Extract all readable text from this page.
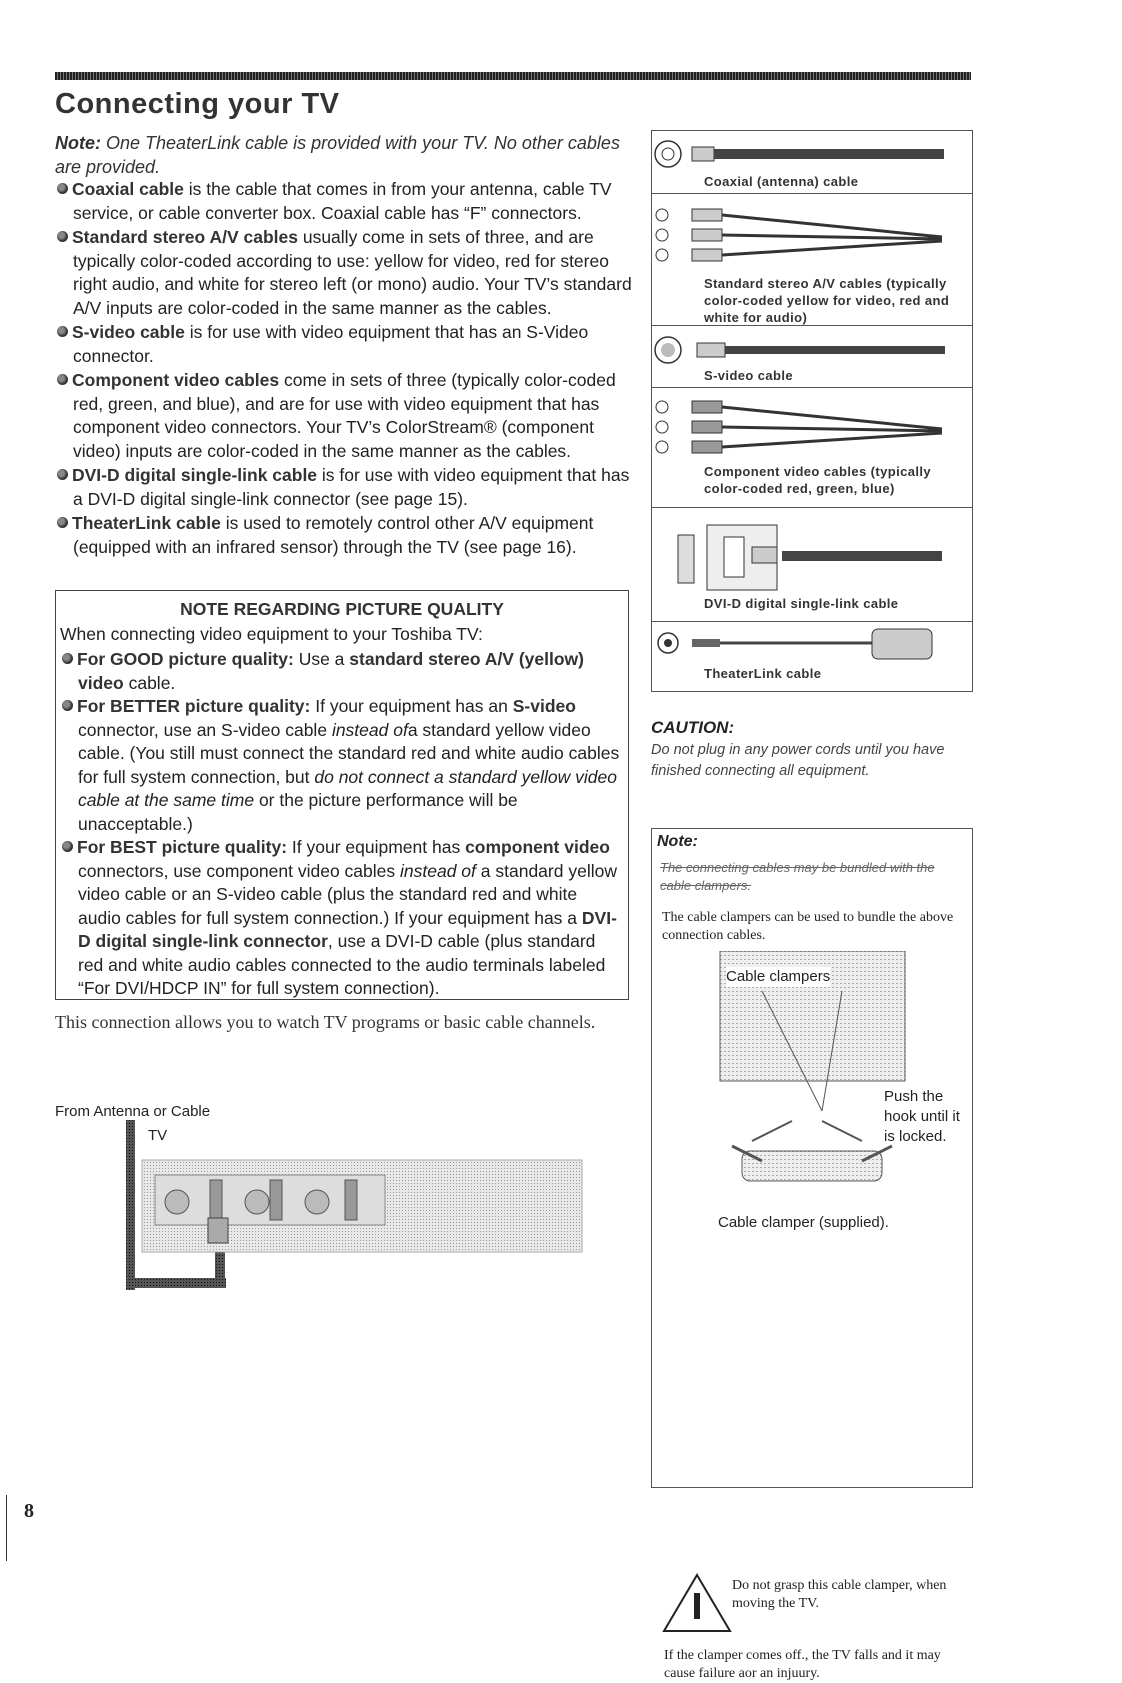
Connecting your TV
Note: One TheaterLink cable is provided with your TV. No other cables are provided.
Coaxial cable is the cable that comes in from your antenna, cable TV service, or cable converter box. Coaxial cable has “F” connectors.
Standard stereo A/V cables usually come in sets of three, and are typically color-coded according to use: yellow for video, red for stereo right audio, and white for stereo left (or mono) audio. Your TV’s standard A/V inputs are color-coded in the same manner as the cables.
S-video cable is for use with video equipment that has an S-Video connector.
Component video cables come in sets of three (typically color-coded red, green, and blue), and are for use with video equipment that has component video connectors. Your TV’s ColorStream® (component video) inputs are color-coded in the same manner as the cables.
DVI-D digital single-link cable is for use with video equipment that has a DVI-D digital single-link connector (see page 15).
TheaterLink cable is used to remotely control other A/V equipment (equipped with an infrared sensor) through the TV (see page 16).
NOTE REGARDING PICTURE QUALITY
When connecting video equipment to your Toshiba TV:
For GOOD picture quality: Use a standard stereo A/V (yellow) video cable.
For BETTER picture quality: If your equipment has an S-video connector, use an S-video cable instead ofa standard yellow video cable. (You still must connect the standard red and white audio cables for full system connection, but do not connect a standard yellow video cable at the same time or the picture performance will be unacceptable.)
For BEST picture quality: If your equipment has component video connectors, use component video cables instead of a standard yellow video cable or an S-video cable (plus the standard red and white audio cables for full system connection.) If your equipment has a DVI-D digital single-link connector, use a DVI-D cable (plus standard red and white audio cables connected to the audio terminals labeled “For DVI/HDCP IN” for full system connection).
This connection allows you to watch TV programs or basic cable channels.
From Antenna or Cable
TV
Coaxial (antenna) cable
Standard stereo A/V cables (typically color-coded yellow for video, red and white for audio)
S-video cable
Component video cables (typically color-coded red, green, blue)
DVI-D digital single-link cable
TheaterLink cable
CAUTION:
Do not plug in any power cords until you have finished connecting all equipment.
Note:
The connecting cables may be bundled with the cable clampers.
The cable clampers can be used to bundle the above connection cables.
Cable clampers
Push the hook until it is locked.
Cable clamper (supplied).
Do not grasp this cable clamper, when moving the TV.
If the clamper comes off., the TV falls and it may cause failure aor an injuury.
8
